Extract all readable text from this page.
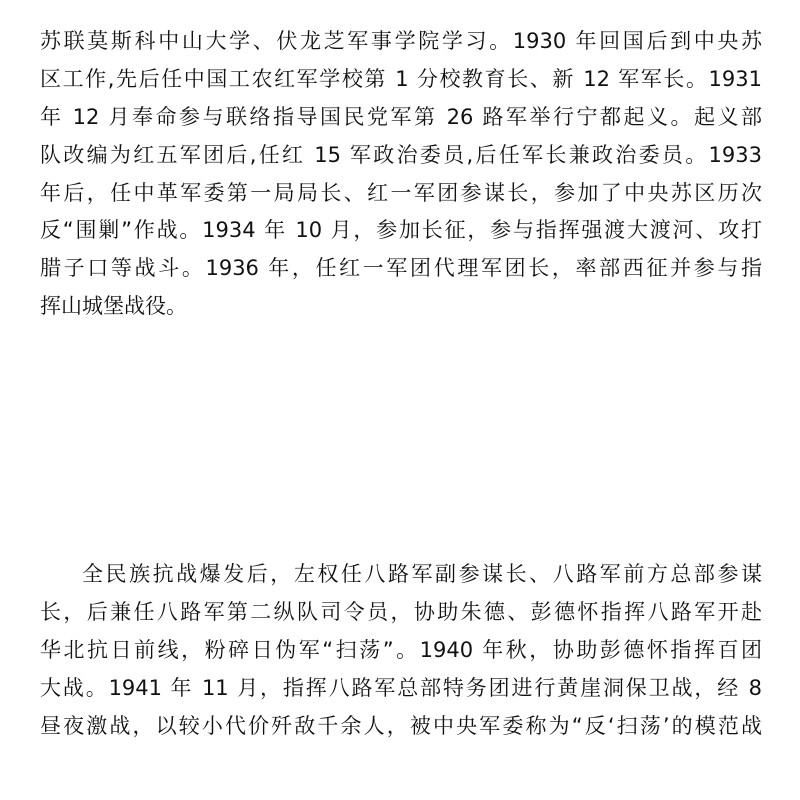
苏联莫斯科中山大学、伏龙芝军事学院学习。1930 年回国后到中央苏
区工作,先后任中国工农红军学校第 1 分校教育长、新 12 军军长。1931
年 12 月奉命参与联络指导国民党军第 26 路军举行宁都起义。起义部
队改编为红五军团后,任红 15 军政治委员,后任军长兼政治委员。1933
年后，任中革军委第一局局长、红一军团参谋长，参加了中央苏区历次
反“围剿”作战。1934 年 10 月，参加长征，参与指挥强渡大渡河、攻打
腊子口等战斗。1936 年，任红一军团代理军团长，率部西征并参与指
挥山城堡战役。
全民族抗战爆发后，左权任八路军副参谋长、八路军前方总部参谋
长，后兼任八路军第二纵队司令员，协助朱德、彭德怀指挥八路军开赴
华北抗日前线，粉碎日伪军“扫荡”。1940 年秋，协助彭德怀指挥百团
大战。1941 年 11 月，指挥八路军总部特务团进行黄崖洞保卫战，经 8
昼夜激战，以较小代价歼敌千余人，被中央军委称为“反‘扫荡’的模范战
